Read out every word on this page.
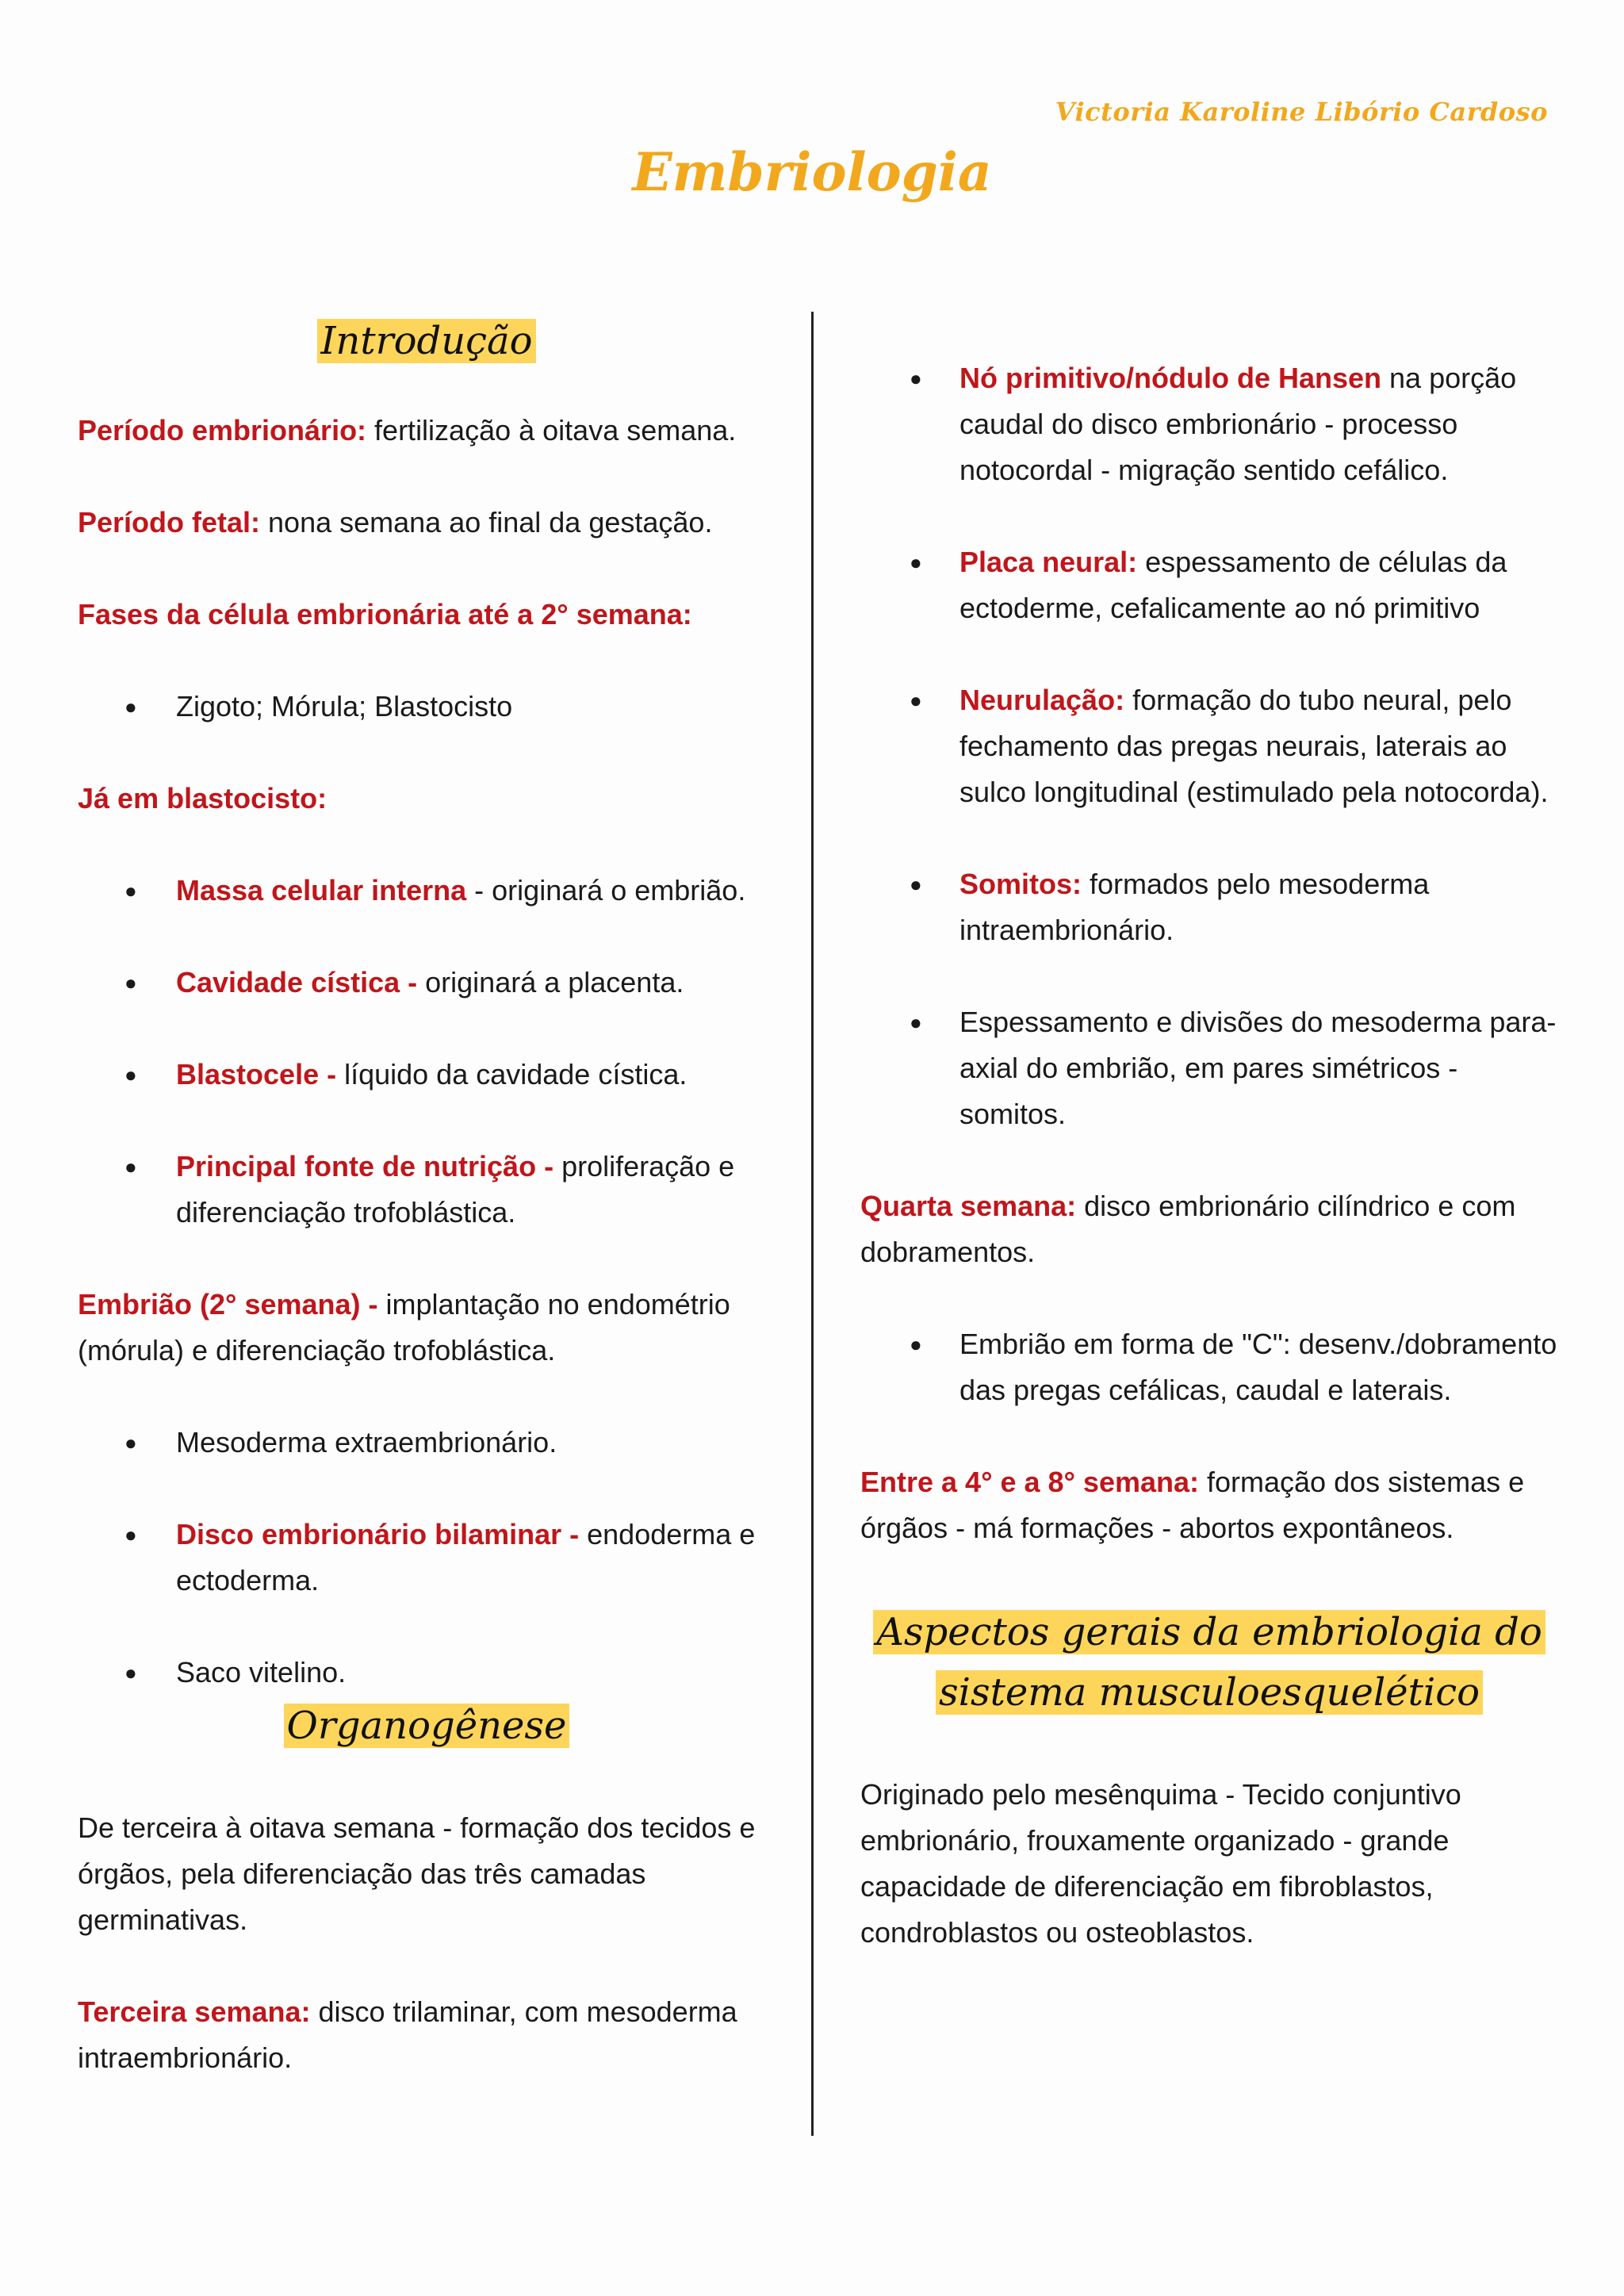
Victoria Karoline Libório Cardoso
Embriologia
Introdução

Período embrionário: fertilização à oitava semana.

Período fetal: nona semana ao final da gestação.

Fases da célula embrionária até a 2° semana:

● Zigoto; Mórula; Blastocisto

Já em blastocisto:

● Massa celular interna - originará o embrião.
● Cavidade cística - originará a placenta.
● Blastocele - líquido da cavidade cística.
● Principal fonte de nutrição - proliferação e diferenciação trofoblástica.

Embrião (2° semana) - implantação no endométrio (mórula) e diferenciação trofoblástica.

● Mesoderma extraembrionário.
● Disco embrionário bilaminar - endoderma e ectoderma.
● Saco vitelino.
Organogênese

De terceira à oitava semana - formação dos tecidos e órgãos, pela diferenciação das três camadas germinativas.

Terceira semana: disco trilaminar, com mesoderma intraembrionário.

● Nó primitivo/nódulo de Hansen na porção caudal do disco embrionário - processo notocordal - migração sentido cefálico.
● Placa neural: espessamento de células da ectoderme, cefalicamente ao nó primitivo
● Neurulação: formação do tubo neural, pelo fechamento das pregas neurais, laterais ao sulco longitudinal (estimulado pela notocorda).
● Somitos: formados pelo mesoderma intraembrionário.
● Espessamento e divisões do mesoderma para-axial do embrião, em pares simétricos - somitos.

Quarta semana: disco embrionário cilíndrico e com dobramentos.

● Embrião em forma de "C": desenv./dobramento das pregas cefálicas, caudal e laterais.

Entre a 4° e a 8° semana: formação dos sistemas e órgãos - má formações - abortos expontâneos.

Aspectos gerais da embriologia do sistema musculoesquelético

Originado pelo mesênquima - Tecido conjuntivo embrionário, frouxamente organizado - grande capacidade de diferenciação em fibroblastos, condroblastos ou osteoblastos.
